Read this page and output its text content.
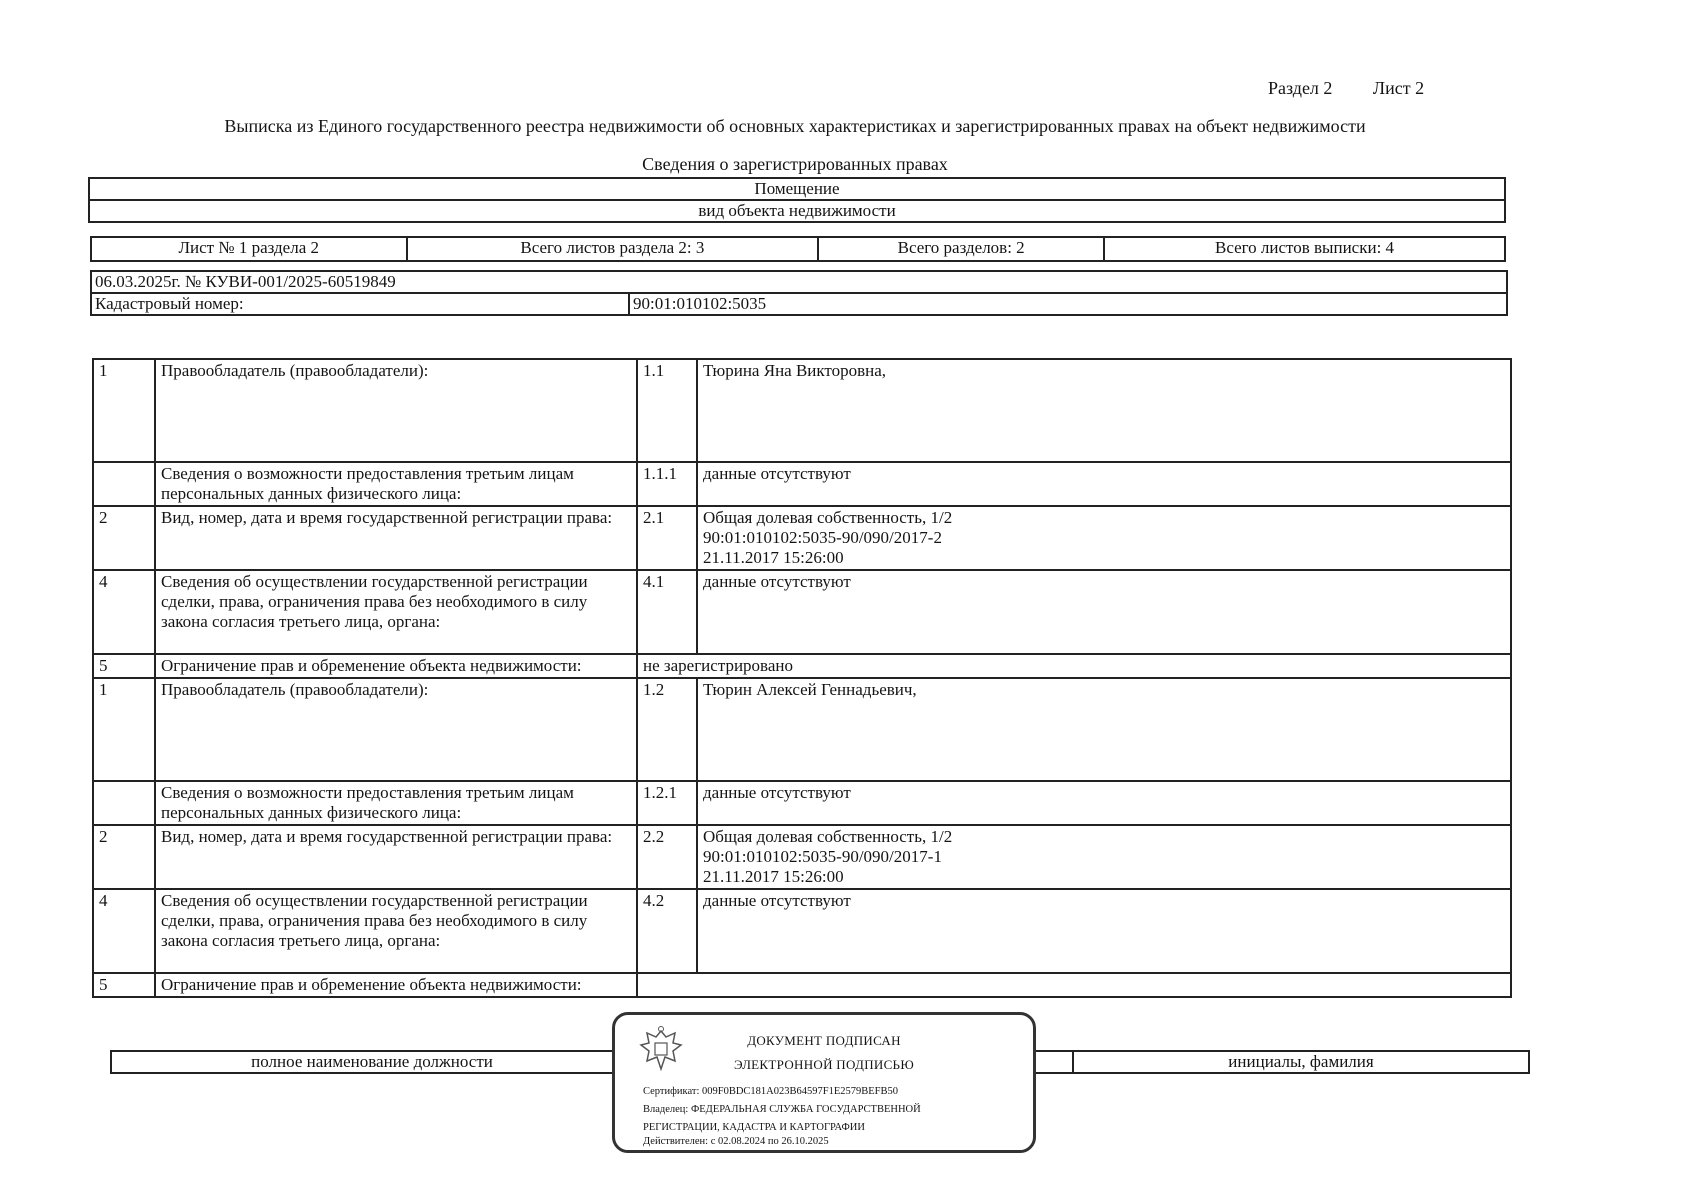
Раздел 2 Лист 2
Выписка из Единого государственного реестра недвижимости об основных характеристиках и зарегистрированных правах на объект недвижимости
Сведения о зарегистрированных правах
Помещение
вид объекта недвижимости
Лист № 1 раздела 2	Всего листов раздела 2: 3	Всего разделов: 2	Всего листов выписки: 4
06.03.2025г. № КУВИ-001/2025-60519849
Кадастровый номер:	90:01:010102:5035
1	Правообладатель (правообладатели):	1.1	Тюрина Яна Викторовна,

	Сведения о возможности предоставления третьим лицам персональных данных физического лица:	1.1.1	данные отсутствуют
2	Вид, номер, дата и время государственной регистрации права:	2.1	Общая долевая собственность, 1/2
90:01:010102:5035-90/090/2017-2
21.11.2017 15:26:00

4	Сведения об осуществлении государственной регистрации сделки, права, ограничения права без необходимого в силу закона согласия третьего лица, органа:	4.1	данные отсутствуют
5	Ограничение прав и обременение объекта недвижимости:	не зарегистрировано	
1	Правообладатель (правообладатели):	1.2	Тюрин Алексей Геннадьевич,

	Сведения о возможности предоставления третьим лицам персональных данных физического лица:	1.2.1	данные отсутствуют
2	Вид, номер, дата и время государственной регистрации права:	2.2	Общая долевая собственность, 1/2
90:01:010102:5035-90/090/2017-1
21.11.2017 15:26:00

4	Сведения об осуществлении государственной регистрации сделки, права, ограничения права без необходимого в силу закона согласия третьего лица, органа:	4.2	данные отсутствуют
5	Ограничение прав и обременение объекта недвижимости:		
полное наименование должности		инициалы, фамилия
ДОКУМЕНТ ПОДПИСАН
ЭЛЕКТРОННОЙ ПОДПИСЬЮ
Сертификат: 009F0BDC181A023B64597F1E2579BEFB50
Владелец: ФЕДЕРАЛЬНАЯ СЛУЖБА ГОСУДАРСТВЕННОЙ
РЕГИСТРАЦИИ, КАДАСТРА И КАРТОГРАФИИ
Действителен: с 02.08.2024 по 26.10.2025
